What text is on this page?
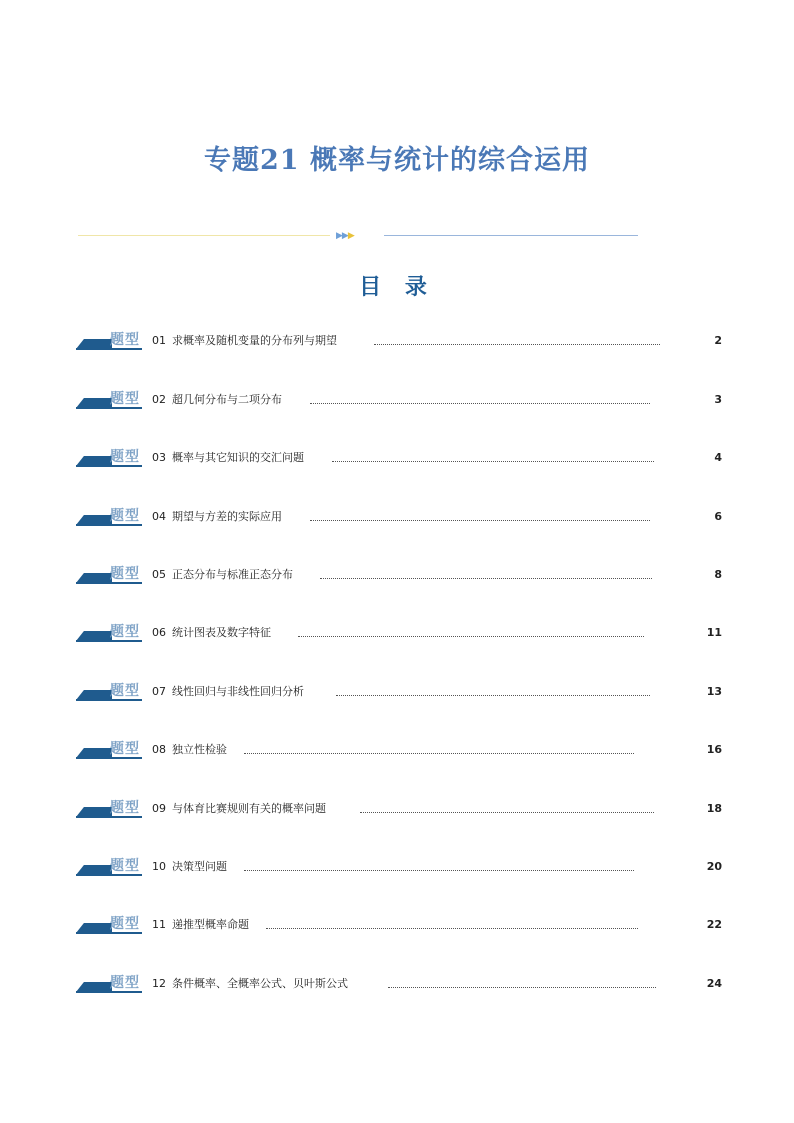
专题21 概率与统计的综合运用
▶▶▶
目 录
题型 01 求概率及随机变量的分布列与期望	2
题型 02 超几何分布与二项分布	3
题型 03 概率与其它知识的交汇问题	4
题型 04 期望与方差的实际应用	6
题型 05 正态分布与标准正态分布	8
题型 06 统计图表及数字特征	11
题型 07 线性回归与非线性回归分析	13
题型 08 独立性检验	16
题型 09 与体育比赛规则有关的概率问题	18
题型 10 决策型问题	20
题型 11 递推型概率命题	22
题型 12 条件概率、全概率公式、贝叶斯公式	24
